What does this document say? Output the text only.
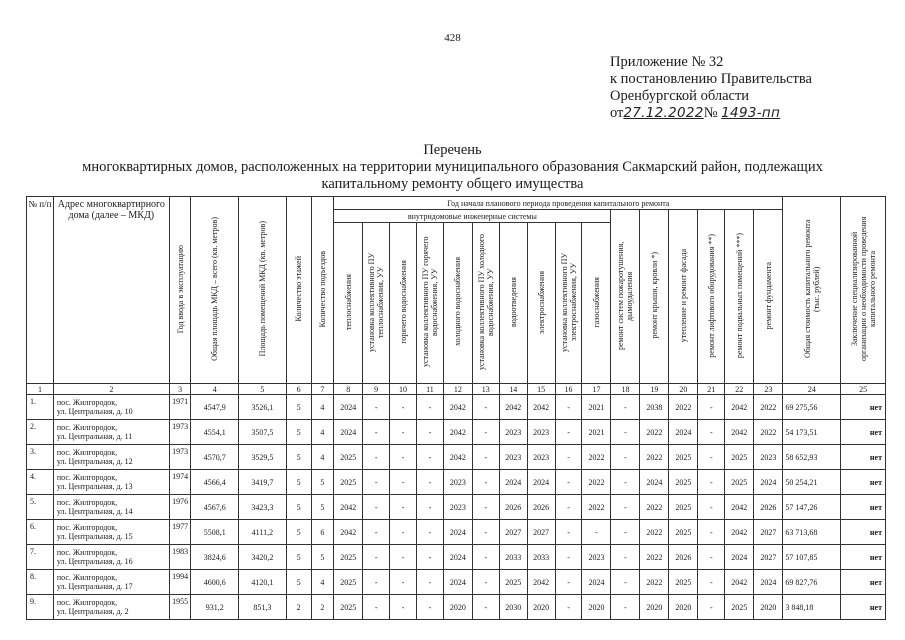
428
Приложение № 32
к постановлению Правительства
Оренбургской области
от27.12.2022№ 1493-пп
Перечень
многоквартирных домов, расположенных на территории муниципального образования Сакмарский район, подлежащих
капитальному ремонту общего имущества
№ п/п	Адрес многоквартирного дома (далее – МКД)	Год ввода в эксплуатацию	Общая площадь МКД – всего (кв. метров)	Площадь помещений МКД (кв. метров)	Количество этажей	Количество подъездов	Год начала планового периода проведения капитального ремонта																Общая стоимость капитального ремонта (тыс. рублей)	Заключение специализированной организации о необходимости проведения капитального ремонта
							внутридомовые инженерные системы										ремонт систем пожаротушения, дымоудаления	ремонт крыши, кровли *)	утепление и ремонт фасада	ремонт лифтового оборудования **)	ремонт подвальных помещений ***)	ремонт фундамента		
							теплоснабжения	установка коллективного ПУ теплоснабжения, УУ	горячего водоснабжения	установка коллективного ПУ горячего водоснабжения, УУ	холодного водоснабжения	установка коллективного ПУ холодного водоснабжения, УУ	водоотведения	электроснабжения	установка коллективного ПУ электроснабжения, УУ	газоснабжения								
1	2	3	4	5	6	7	8	9	10	11	12	13	14	15	16	17	18	19	20	21	22	23	24	25
1.	пос. Жилгородок,
ул. Центральная, д. 10	1971	4547,9	3526,1	5	4	2024	-	-	-	2042	-	2042	2042	-	2021	-	2038	2022	-	2042	2022	69 275,56	нет
2.	пос. Жилгородок,
ул. Центральная, д. 11	1973	4554,1	3507,5	5	4	2024	-	-	-	2042	-	2023	2023	-	2021	-	2022	2024	-	2042	2022	54 173,51	нет
3.	пос. Жилгородок,
ул. Центральная, д. 12	1973	4570,7	3529,5	5	4	2025	-	-	-	2042	-	2023	2023	-	2022	-	2022	2025	-	2025	2023	58 652,93	нет
4.	пос. Жилгородок,
ул. Центральная, д. 13	1974	4566,4	3419,7	5	5	2025	-	-	-	2023	-	2024	2024	-	2022	-	2024	2025	-	2025	2024	50 254,21	нет
5.	пос. Жилгородок,
ул. Центральная, д. 14	1976	4567,6	3423,3	5	5	2042	-	-	-	2023	-	2026	2026	-	2022	-	2022	2025	-	2042	2026	57 147,26	нет
6.	пос. Жилгородок,
ул. Центральная, д. 15	1977	5508,1	4111,2	5	6	2042	-	-	-	2024	-	2027	2027	-	-	-	2022	2025	-	2042	2027	63 713,68	нет
7.	пос. Жилгородок,
ул. Центральная, д. 16	1983	3824,6	3420,2	5	5	2025	-	-	-	2024	-	2033	2033	-	2023	-	2022	2026	-	2024	2027	57 107,85	нет
8.	пос. Жилгородок,
ул. Центральная, д. 17	1994	4600,6	4120,1	5	4	2025	-	-	-	2024	-	2025	2042	-	2024	-	2022	2025	-	2042	2024	69 827,76	нет
9.	пос. Жилгородок,
ул. Центральная, д. 2	1955	931,2	851,3	2	2	2025	-	-	-	2020	-	2030	2020	-	2020	-	2020	2020	-	2025	2020	3 848,18	нет
